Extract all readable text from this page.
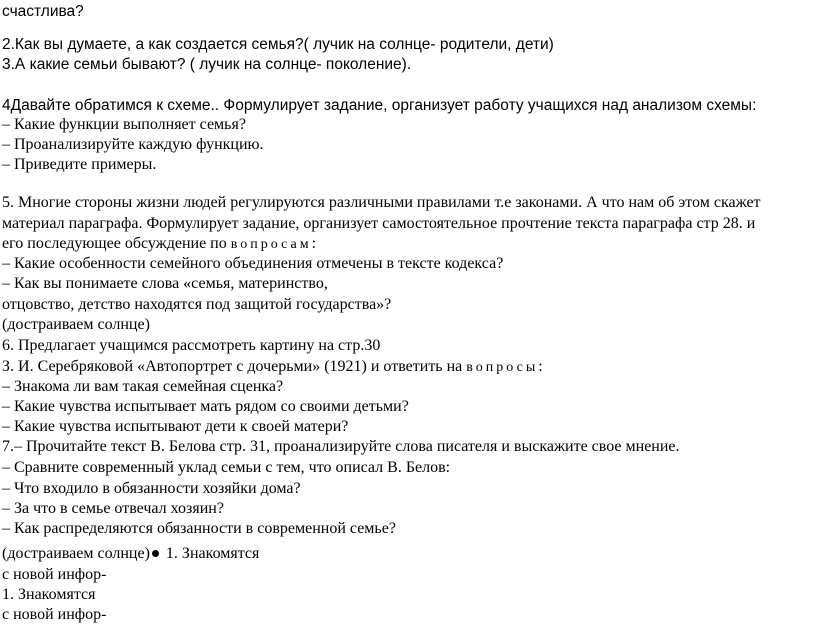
счастлива?
2.Как вы думаете, а как создается семья?( лучик на солнце- родители, дети)
3.А какие семьи бывают? ( лучик на солнце- поколение).
4Давайте обратимся к схеме.. Формулирует задание, организует работу учащихся над анализом схемы:
– Какие функции выполняет семья?
– Проанализируйте каждую функцию.
– Приведите примеры.
5. Многие стороны жизни людей регулируются различными правилами т.е законами. А что нам об этом скажет
материал параграфа. Формулирует задание, организует самостоятельное прочтение текста параграфа стр 28. и
его последующее обсуждение по вопросам:
– Какие особенности семейного объединения отмечены в тексте кодекса?
– Как вы понимаете слова «семья, материнство,
отцовство, детство находятся под защитой государства»?
(достраиваем солнце)
6. Предлагает учащимся рассмотреть картину на стр.30
З. И. Серебряковой «Автопортрет с дочерьми» (1921) и ответить на вопросы:
– Знакома ли вам такая семейная сценка?
– Какие чувства испытывает мать рядом со своими детьми?
– Какие чувства испытывают дети к своей матери?
7.– Прочитайте текст В. Белова стр. 31, проанализируйте слова писателя и выскажите свое мнение.
– Сравните современный уклад семьи с тем, что описал В. Белов:
– Что входило в обязанности хозяйки дома?
– За что в семье отвечал хозяин?
– Как распределяются обязанности в современной семье?
(достраиваем солнце) 1. Знакомятся
с новой инфор-
1. Знакомятся
с новой инфор-
